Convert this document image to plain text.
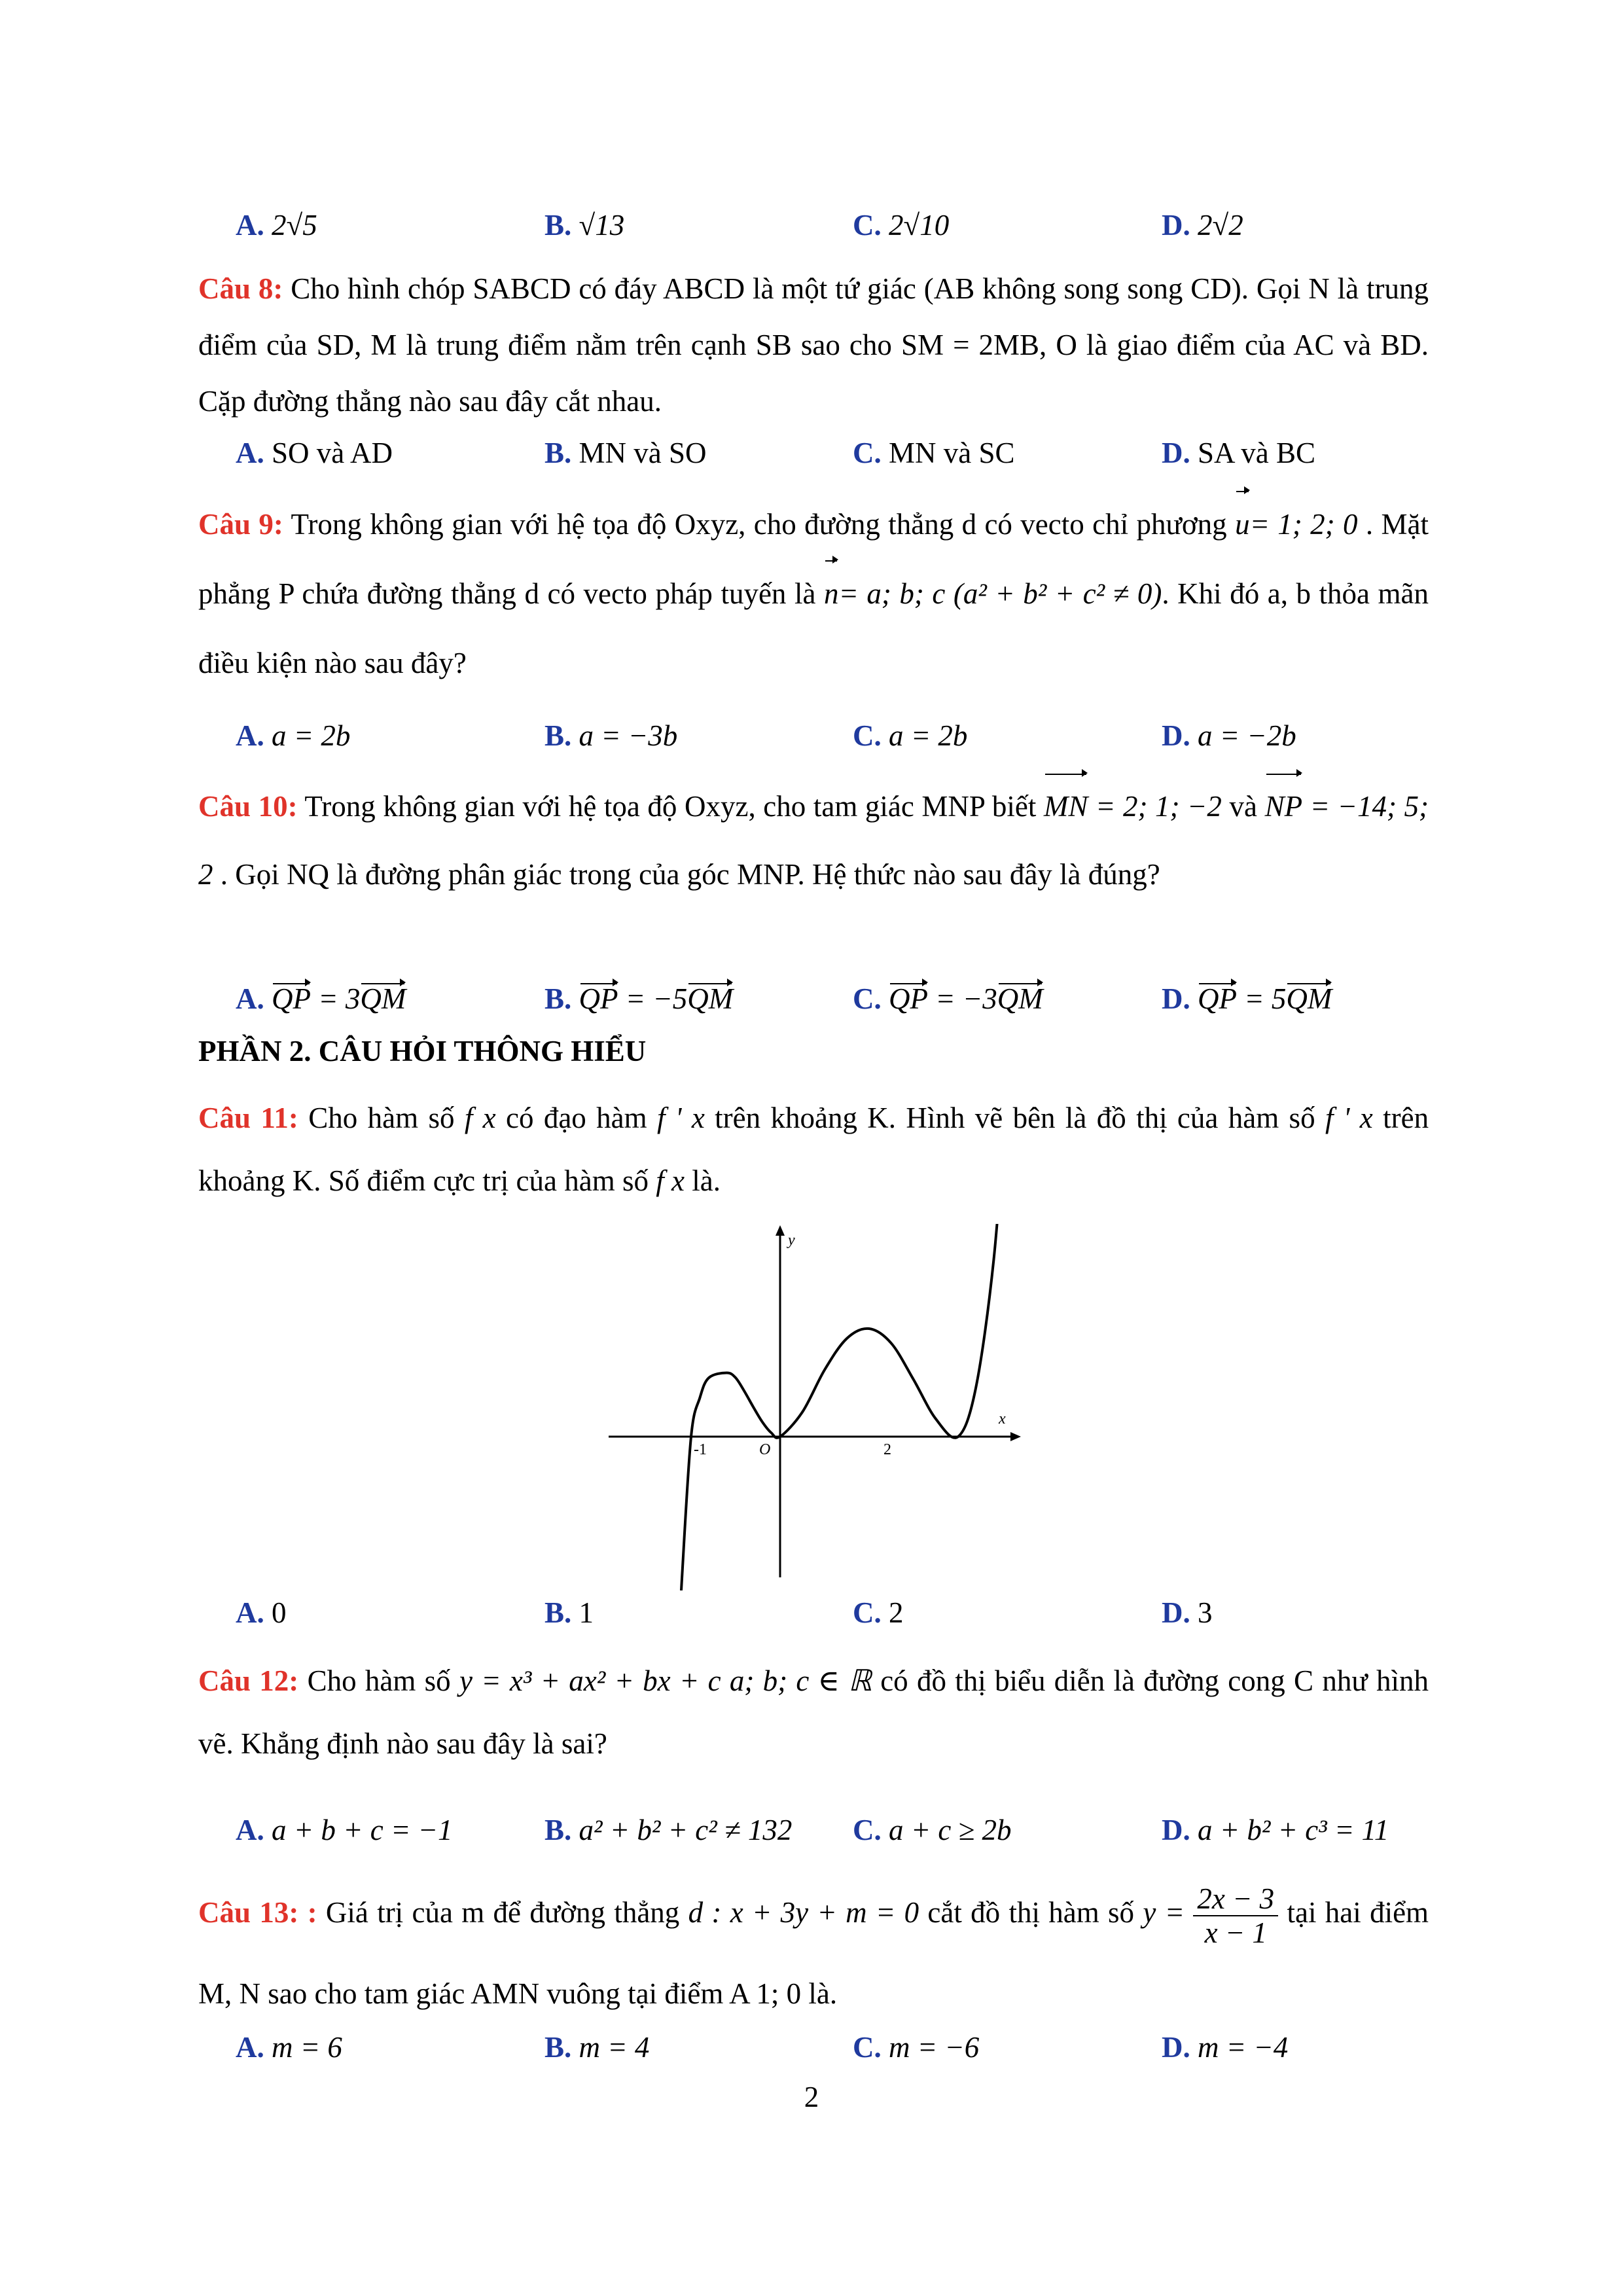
A. 2√5	B. √13	C. 2√10	D. 2√2
Câu 8: Cho hình chóp SABCD có đáy ABCD là một tứ giác (AB không song song CD). Gọi N là trung điểm của SD, M là trung điểm nằm trên cạnh SB sao cho SM = 2MB, O là giao điểm của AC và BD. Cặp đường thẳng nào sau đây cắt nhau.
A. SO và AD	B. MN và SO	C. MN và SC	D. SA và BC
Câu 9: Trong không gian với hệ tọa độ Oxyz, cho đường thẳng d có vecto chỉ phương u= 1; 2; 0 . Mặt phẳng P chứa đường thẳng d có vecto pháp tuyến là n= a; b; c (a² + b² + c² ≠ 0). Khi đó a, b thỏa mãn điều kiện nào sau đây?
A. a = 2b	B. a = −3b	C. a = 2b	D. a = −2b
Câu 10: Trong không gian với hệ tọa độ Oxyz, cho tam giác MNP biết MN = 2; 1; −2 và NP = −14; 5; 2 . Gọi NQ là đường phân giác trong của góc MNP. Hệ thức nào sau đây là đúng?
A. QP = 3QM	B. QP = −5QM	C. QP = −3QM	D. QP = 5QM
PHẦN 2. CÂU HỎI THÔNG HIỂU
Câu 11: Cho hàm số f x có đạo hàm f ' x trên khoảng K. Hình vẽ bên là đồ thị của hàm số f ' x trên khoảng K. Số điểm cực trị của hàm số f x là.
x
y
O
-1	2
A. 0	B. 1	C. 2	D. 3
Câu 12: Cho hàm số y = x³ + ax² + bx + c a; b; c ∈ ℝ có đồ thị biểu diễn là đường cong C như hình vẽ. Khẳng định nào sau đây là sai?
A. a + b + c = −1	B. a² + b² + c² ≠ 132 C. a + c ≥ 2b	D. a + b² + c³ = 11
Câu 13: : Giá trị của m để đường thẳng d : x + 3y + m = 0 cắt đồ thị hàm số $y = \frac{2x - 3}{x - 1}$ tại hai điểm M, N sao cho tam giác AMN vuông tại điểm A 1; 0 là.
A. m = 6	B. m = 4	C. m = −6	D. m = −4
2
